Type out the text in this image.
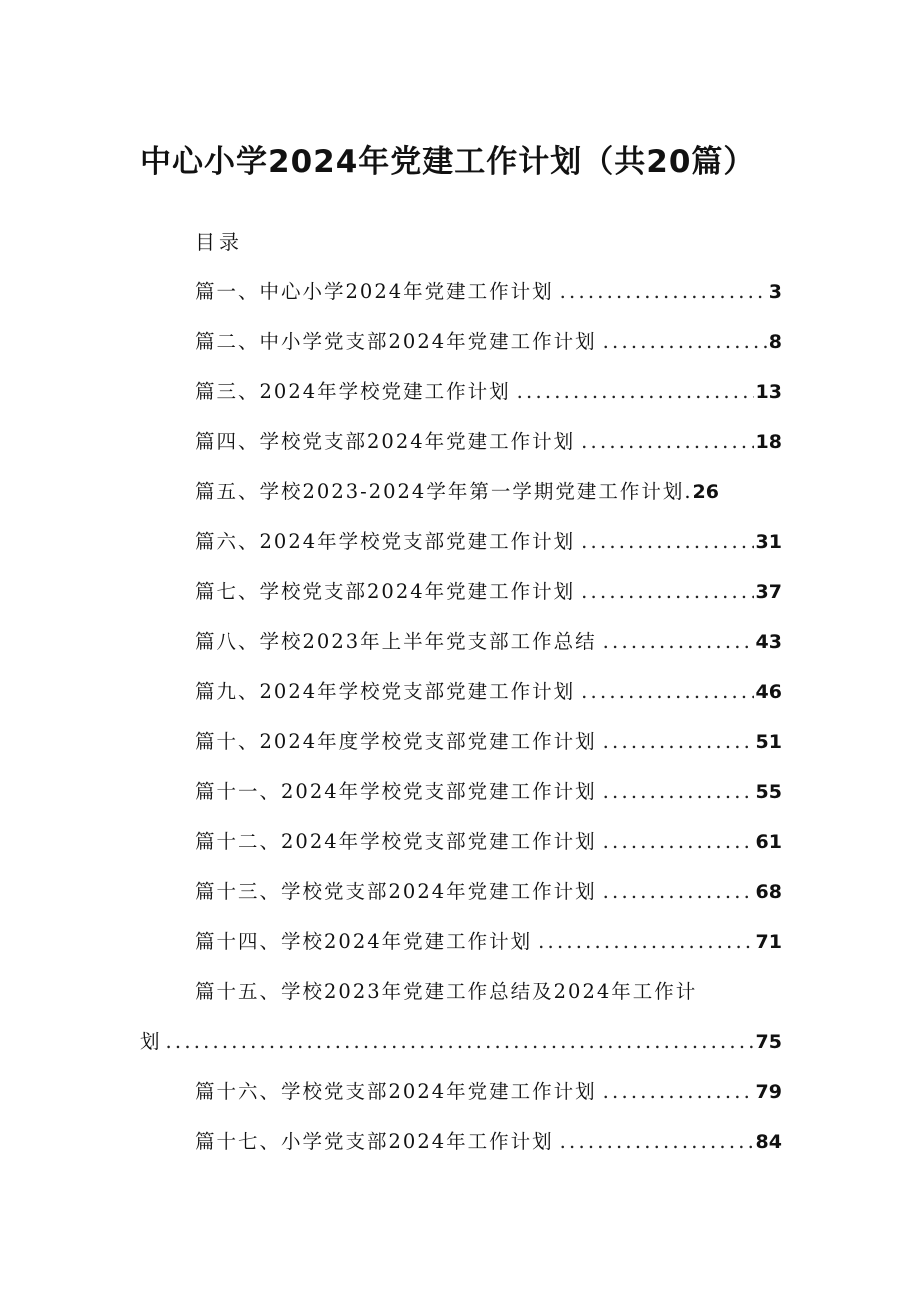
中心小学2024年党建工作计划（共20篇）
目录
篇一、中心小学2024年党建工作计划 .....	3
篇二、中小学党支部2024年党建工作计划 .....	8
篇三、2024年学校党建工作计划 .....	13
篇四、学校党支部2024年党建工作计划 .....	18
篇五、学校2023-2024学年第一学期党建工作计划. 26
篇六、2024年学校党支部党建工作计划 .....	31
篇七、学校党支部2024年党建工作计划 .....	37
篇八、学校2023年上半年党支部工作总结 .....	43
篇九、2024年学校党支部党建工作计划 .....	46
篇十、2024年度学校党支部党建工作计划 .....	51
篇十一、2024年学校党支部党建工作计划 .....	55
篇十二、2024年学校党支部党建工作计划 .....	61
篇十三、学校党支部2024年党建工作计划 .....	68
篇十四、学校2024年党建工作计划 .....	71
篇十五、学校2023年党建工作总结及2024年工作计
划 .....	75
篇十六、学校党支部2024年党建工作计划 .....	79
篇十七、小学党支部2024年工作计划 .....	84
